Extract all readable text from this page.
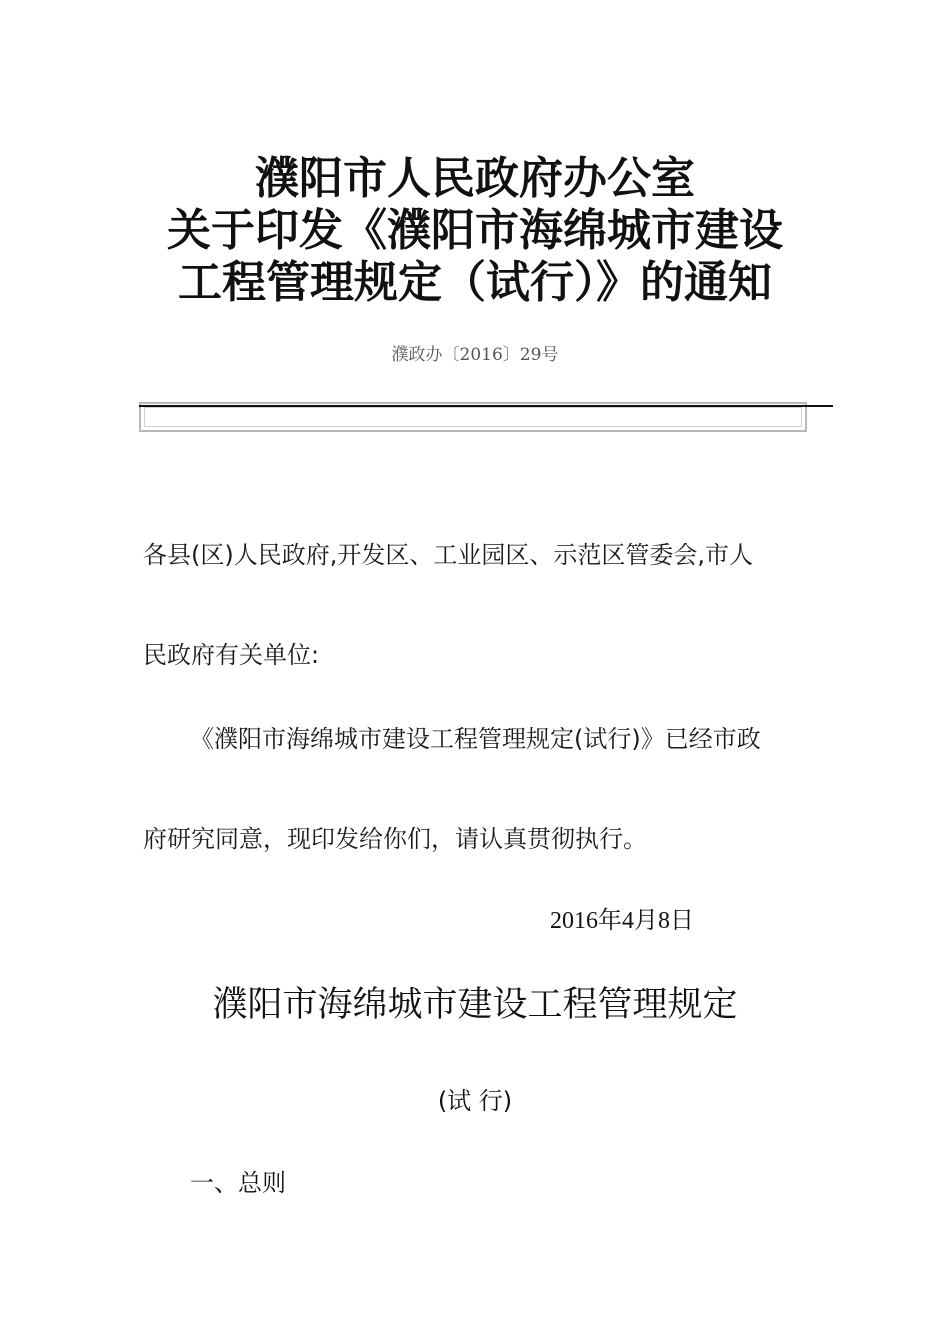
濮阳市人民政府办公室
关于印发《濮阳市海绵城市建设
工程管理规定（试行）》的通知
濮政办〔2016〕29号
各县(区)人民政府,开发区、工业园区、示范区管委会,市人
民政府有关单位:
《濮阳市海绵城市建设工程管理规定(试行)》已经市政
府研究同意，现印发给你们，请认真贯彻执行。
2016年4月8日
濮阳市海绵城市建设工程管理规定
(试 行)
一、总则
